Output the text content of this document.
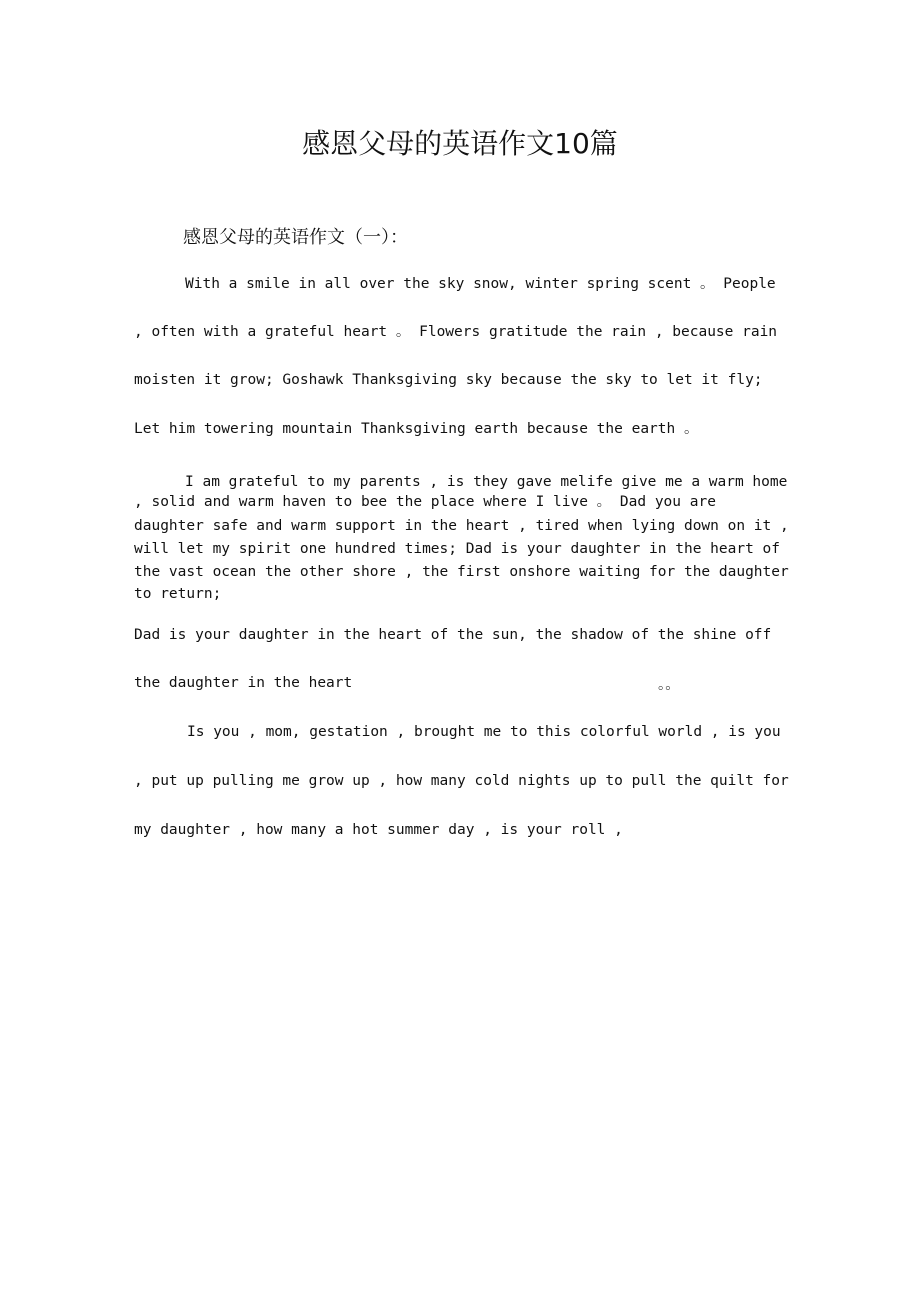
感恩父母的英语作文10篇
感恩父母的英语作文（一）：
With a smile in all over the sky snow, winter spring scent 。 People
, often with a grateful heart 。 Flowers gratitude the rain , because rain
moisten it grow; Goshawk Thanksgiving sky because the sky to let it fly;
Let him towering mountain Thanksgiving earth because the earth 。
I am grateful to my parents , is they gave melife give me a warm home
, solid and warm haven to bee the place where I live 。 Dad you are
daughter safe and warm support in the heart , tired when lying down on it ,
will let my spirit one hundred times; Dad is your daughter in the heart of
the vast ocean the other shore , the first onshore waiting for the daughter
to return;
Dad is your daughter in the heart of the sun, the shadow of the shine off
the daughter in the heart	。。
Is you , mom, gestation , brought me to this colorful world , is you
, put up pulling me grow up , how many cold nights up to pull the quilt for
my daughter , how many a hot summer day , is your roll ,
